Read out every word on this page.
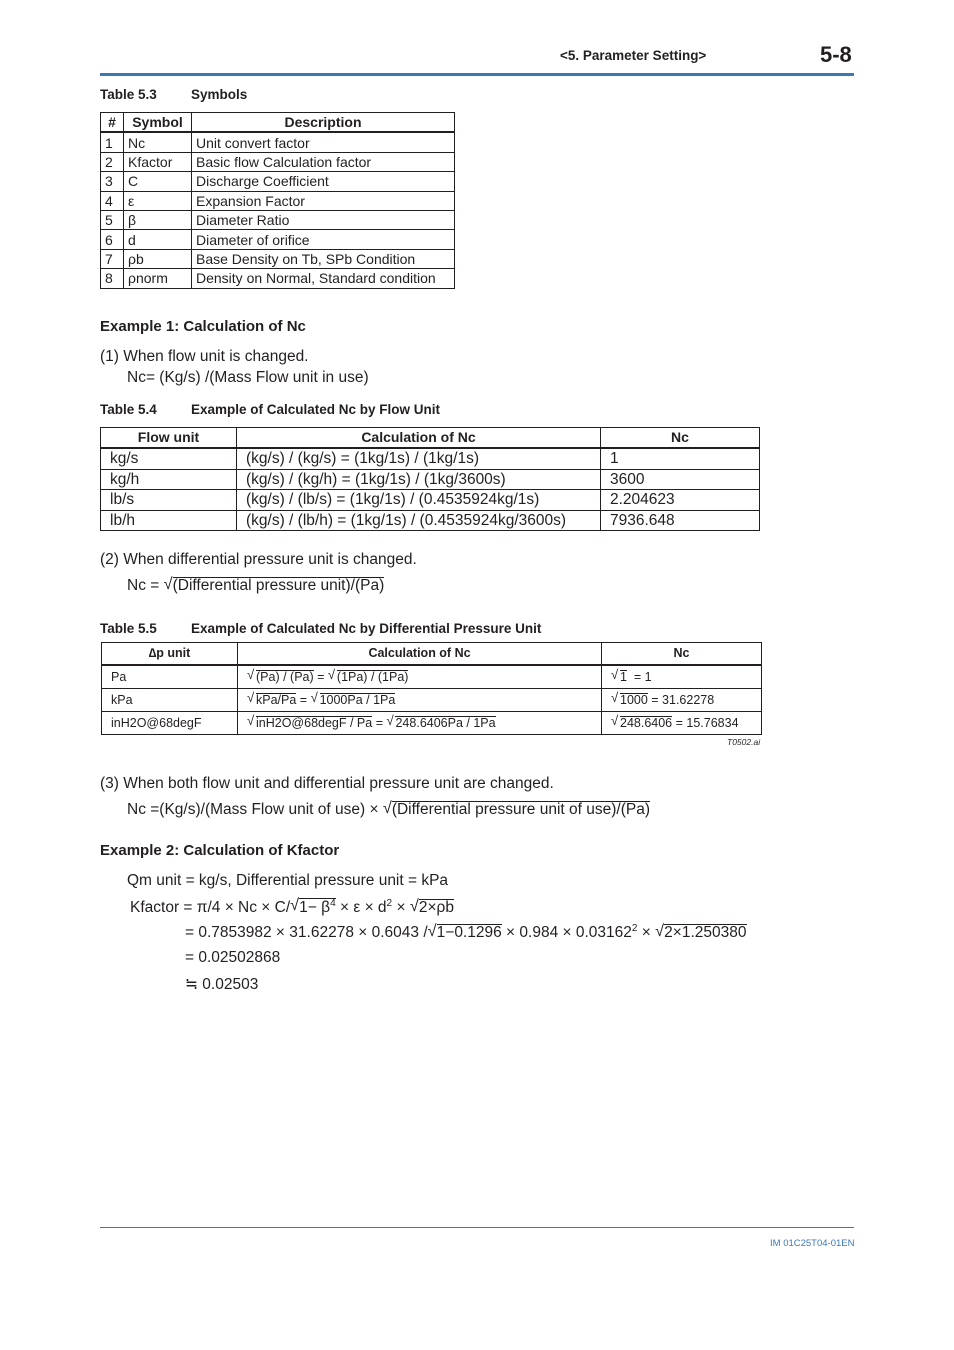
<5. Parameter Setting>	5-8
Table 5.3	Symbols
#	Symbol	Description
1	Nc	Unit convert factor
2	Kfactor	Basic flow Calculation factor
3	C	Discharge Coefficient
4	ε	Expansion Factor
5	β	Diameter Ratio
6	d	Diameter of orifice
7	ρb	Base Density on Tb, SPb Condition
8	ρnorm	Density on Normal, Standard condition
Example 1: Calculation of Nc
(1) When flow unit is changed.
Nc= (Kg/s) /(Mass Flow unit in use)
Table 5.4	Example of Calculated Nc by Flow Unit
Flow unit	Calculation of Nc	Nc
kg/s	(kg/s) / (kg/s) = (1kg/1s) / (1kg/1s)	1
kg/h	(kg/s) / (kg/h) = (1kg/1s) / (1kg/3600s)	3600
lb/s	(kg/s) / (lb/s) = (1kg/1s) / (0.4535924kg/1s)	2.204623
lb/h	(kg/s) / (lb/h) = (1kg/1s) / (0.4535924kg/3600s)	7936.648
(2) When differential pressure unit is changed.
Nc = √ (Differential pressure unit)/(Pa)
Table 5.5	Example of Calculated Nc by Differential Pressure Unit
∆p unit	Calculation of Nc	Nc
Pa	√ (Pa) / (Pa) = √ (1Pa) / (1Pa)	√ 1  = 1
kPa	√ kPa/Pa = √ 1000Pa / 1Pa	√ 1000 = 31.62278
inH2O@68degF	√ inH2O@68degF / Pa = √ 248.6406Pa / 1Pa	√ 248.6406 = 15.76834
T0502.ai
(3) When both flow unit and differential pressure unit are changed.
Nc =(Kg/s)/(Mass Flow unit of use) × √ (Differential pressure unit of use)/(Pa)
Example 2: Calculation of Kfactor
Qm unit = kg/s, Differential pressure unit = kPa
Kfactor = π/4 × Nc × C/ √ $1- \beta^4 \times \varepsilon \times d^2$ × √ 2×ρb
= 0.7853982 × 31.62278 × 0.6043 / √ $1-0.1296 \times 0.984 \times 0.03162^2$ × √ 2×1.250380
= 0.02502868
≒ 0.02503
IM 01C25T04-01EN
